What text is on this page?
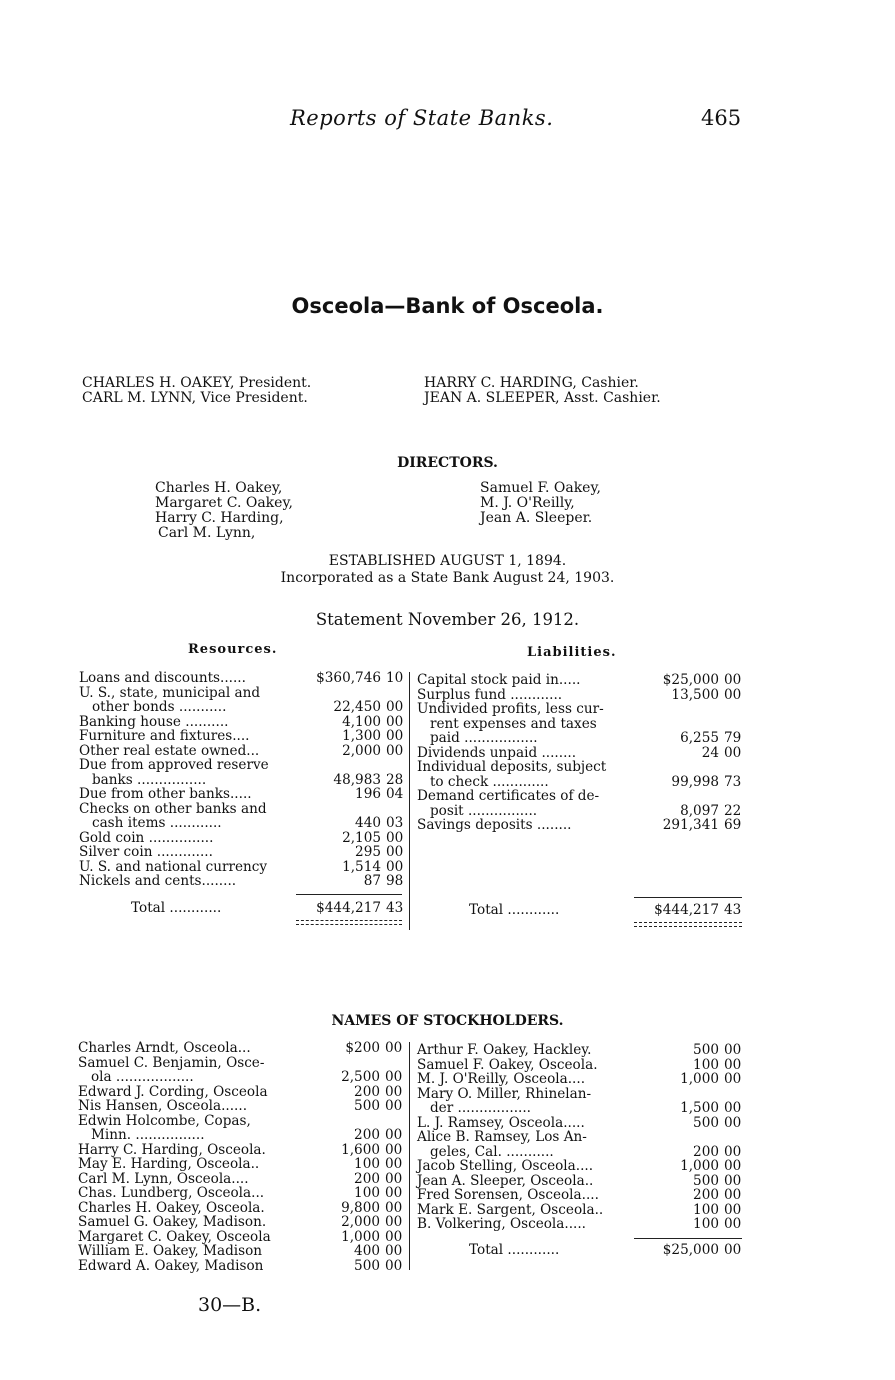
Reports of State Banks.	465
Osceola—Bank of Osceola.
CHARLES H. OAKEY, President.
CARL M. LYNN, Vice President.
HARRY C. HARDING, Cashier.
JEAN A. SLEEPER, Asst. Cashier.
DIRECTORS.
Charles H. Oakey,
Margaret C. Oakey,
Harry C. Harding,
Carl M. Lynn,
Samuel F. Oakey,
M. J. O'Reilly,
Jean A. Sleeper.
ESTABLISHED AUGUST 1, 1894.
Incorporated as a State Bank August 24, 1903.
Statement November 26, 1912.
Resources.	Liabilities.
Loans and discounts......	$360,746 10
U. S., state, municipal and
other bonds ...........	22,450 00
Banking house ..........	4,100 00
Furniture and fixtures....	1,300 00
Other real estate owned...	2,000 00
Due from approved reserve
banks ................	48,983 28
Due from other banks.....	196 04
Checks on other banks and
cash items ............	440 03
Gold coin ...............	2,105 00
Silver coin .............	295 00
U. S. and national currency	1,514 00
Nickels and cents........	87 98
Capital stock paid in.....	$25,000 00
Surplus fund ............	13,500 00
Undivided profits, less cur-
rent expenses and taxes
paid .................	6,255 79
Dividends unpaid ........	24 00
Individual deposits, subject
to check .............	99,998 73
Demand certificates of de-
posit ................	8,097 22
Savings deposits ........	291,341 69
Total ............	$444,217 43	Total ............	$444,217 43
NAMES OF STOCKHOLDERS.
Charles Arndt, Osceola...	$200 00
Samuel C. Benjamin, Osce-
ola ..................	2,500 00
Edward J. Cording, Osceola	200 00
Nis Hansen, Osceola......	500 00
Edwin Holcombe, Copas,
Minn. ................	200 00
Harry C. Harding, Osceola.	1,600 00
May E. Harding, Osceola..	100 00
Carl M. Lynn, Osceola....	200 00
Chas. Lundberg, Osceola...	100 00
Charles H. Oakey, Osceola.	9,800 00
Samuel G. Oakey, Madison.	2,000 00
Margaret C. Oakey, Osceola	1,000 00
William E. Oakey, Madison	400 00
Edward A. Oakey, Madison	500 00
Arthur F. Oakey, Hackley.	500 00
Samuel F. Oakey, Osceola.	100 00
M. J. O'Reilly, Osceola....	1,000 00
Mary O. Miller, Rhinelan-
der .................	1,500 00
L. J. Ramsey, Osceola.....	500 00
Alice B. Ramsey, Los An-
geles, Cal. ...........	200 00
Jacob Stelling, Osceola....	1,000 00
Jean A. Sleeper, Osceola..	500 00
Fred Sorensen, Osceola....	200 00
Mark E. Sargent, Osceola..	100 00
B. Volkering, Osceola.....	100 00
Total ............	$25,000 00
30—B.
